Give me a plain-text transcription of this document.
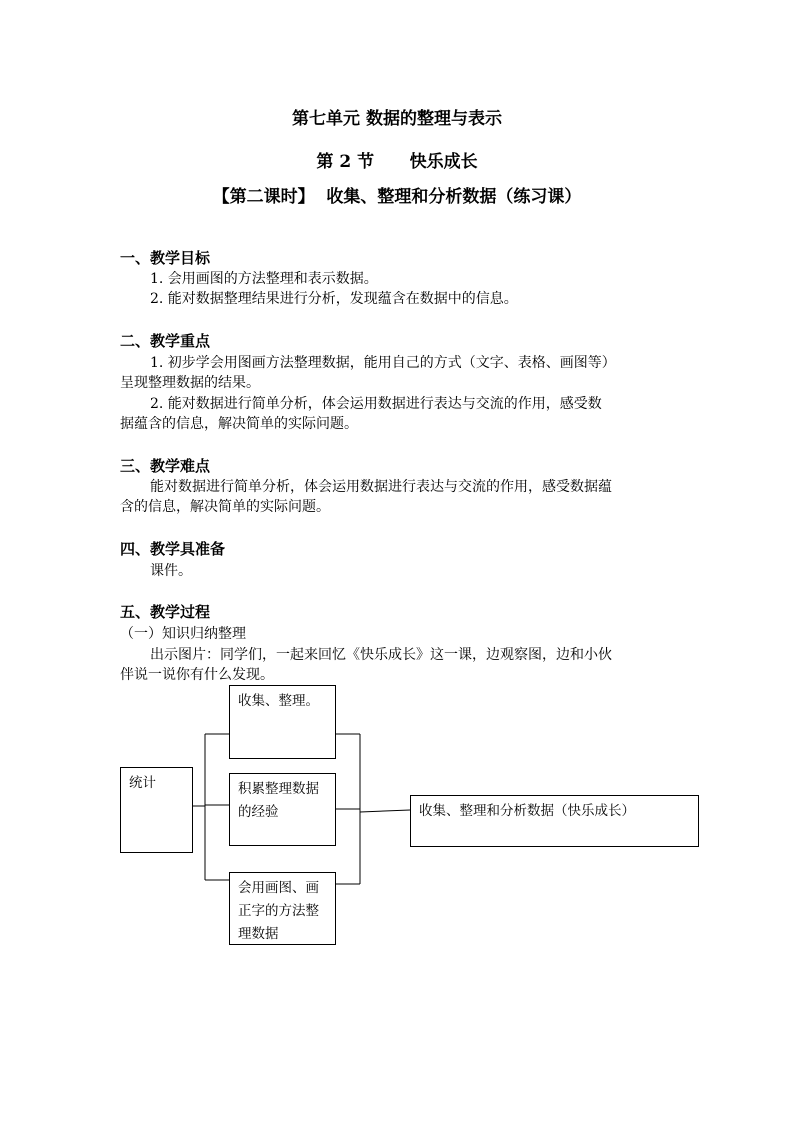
第七单元 数据的整理与表示
第 2 节      快乐成长
【第二课时】  收集、整理和分析数据（练习课）
一、教学目标
1. 会用画图的方法整理和表示数据。
2. 能对数据整理结果进行分析，发现蕴含在数据中的信息。
二、教学重点
1. 初步学会用图画方法整理数据，能用自己的方式（文字、表格、画图等）
呈现整理数据的结果。
2. 能对数据进行简单分析，体会运用数据进行表达与交流的作用，感受数
据蕴含的信息，解决简单的实际问题。
三、教学难点
能对数据进行简单分析，体会运用数据进行表达与交流的作用，感受数据蕴
含的信息，解决简单的实际问题。
四、教学具准备
课件。
五、教学过程
（一）知识归纳整理
出示图片：同学们，一起来回忆《快乐成长》这一课，边观察图，边和小伙
伴说一说你有什么发现。
统计
收集、整理。
积累整理数据的经验
会用画图、画正字的方法整理数据
收集、整理和分析数据（快乐成长）
